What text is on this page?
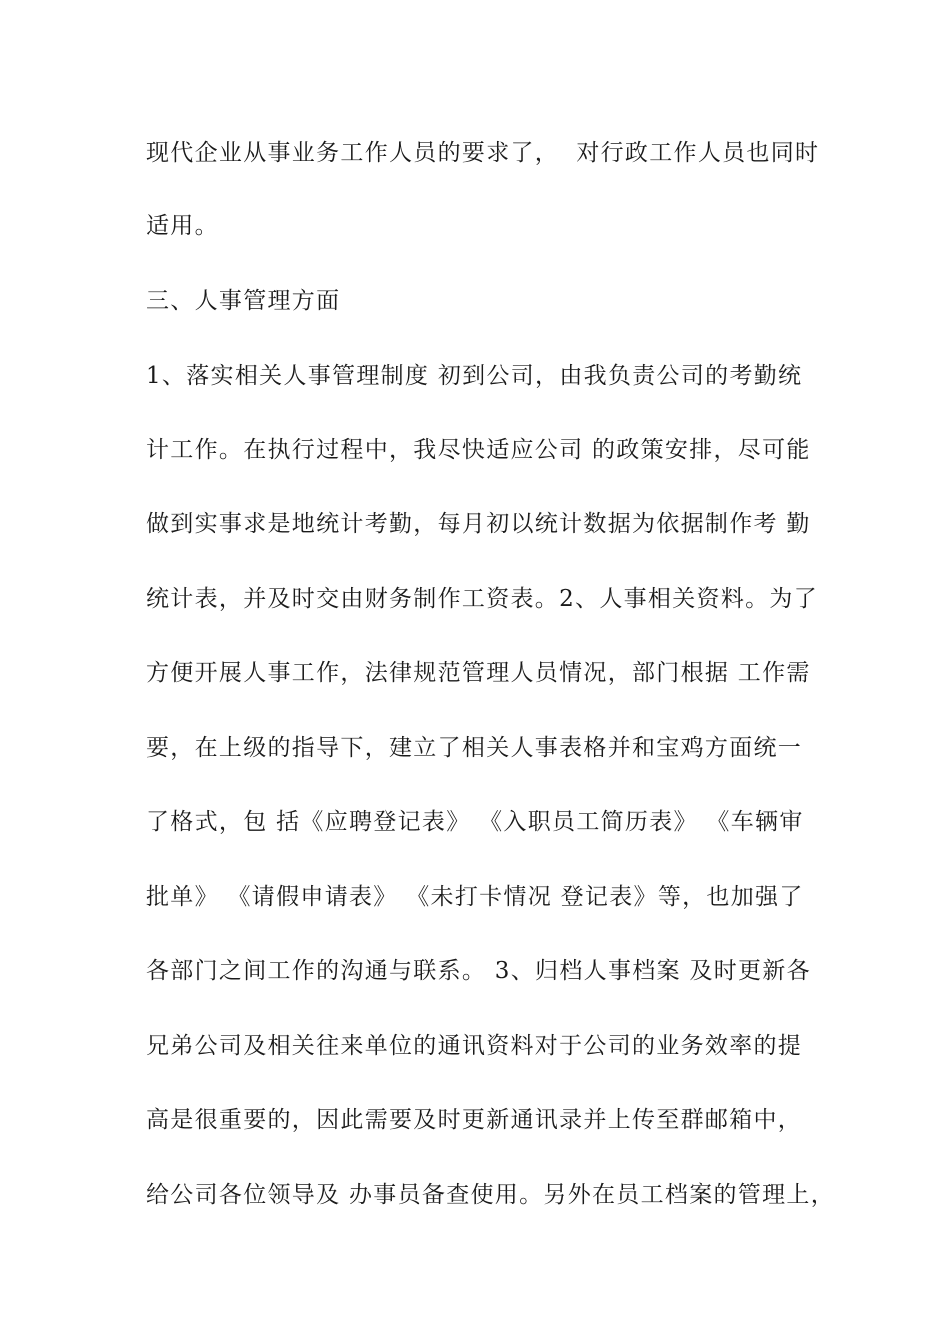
现代企业从事业务工作人员的要求了，  对行政工作人员也同时
适用。
三、人事管理方面
1、落实相关人事管理制度 初到公司，由我负责公司的考勤统
计工作。在执行过程中，我尽快适应公司 的政策安排，尽可能
做到实事求是地统计考勤，每月初以统计数据为依据制作考 勤
统计表，并及时交由财务制作工资表。2、人事相关资料。为了
方便开展人事工作，法律规范管理人员情况，部门根据 工作需
要，在上级的指导下，建立了相关人事表格并和宝鸡方面统一
了格式，包 括《应聘登记表》 《入职员工简历表》 《车辆审
批单》 《请假申请表》 《未打卡情况 登记表》等，也加强了
各部门之间工作的沟通与联系。 3、归档人事档案 及时更新各
兄弟公司及相关往来单位的通讯资料对于公司的业务效率的提
高是很重要的，因此需要及时更新通讯录并上传至群邮箱中，
给公司各位领导及 办事员备查使用。另外在员工档案的管理上，
